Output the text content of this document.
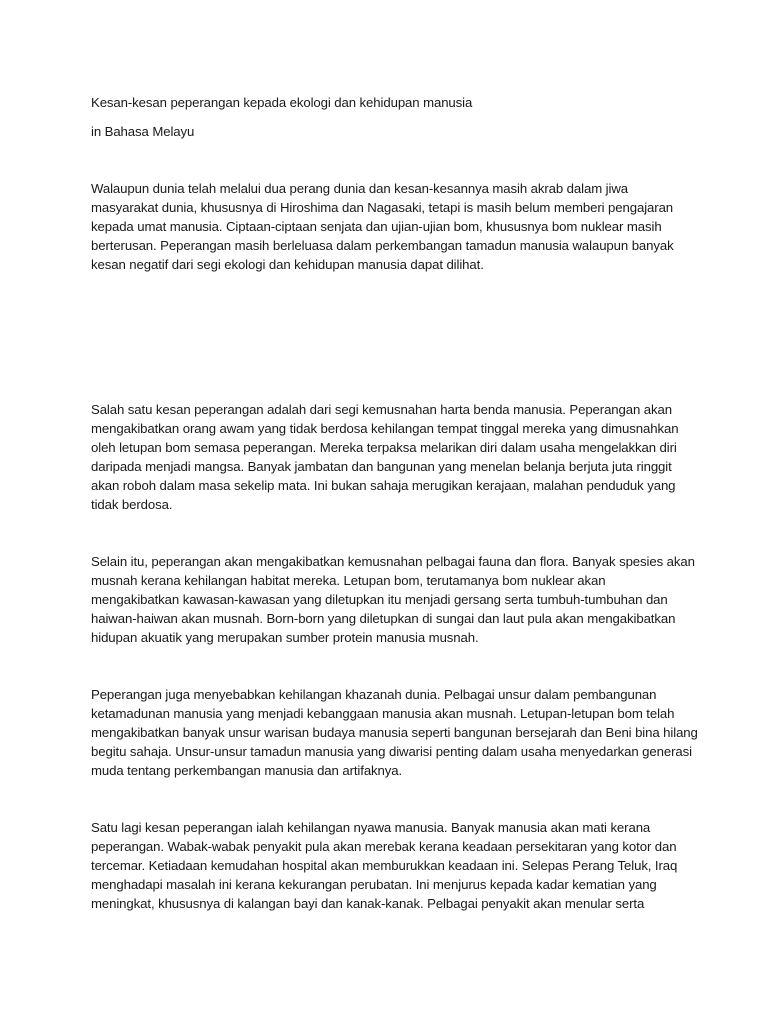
Kesan-kesan peperangan kepada ekologi dan kehidupan manusia
in Bahasa Melayu
Walaupun dunia telah melalui dua perang dunia dan kesan-kesannya masih akrab dalam jiwa
masyarakat dunia, khususnya di Hiroshima dan Nagasaki, tetapi is masih belum memberi pengajaran
kepada umat manusia. Ciptaan-ciptaan senjata dan ujian-ujian bom, khususnya bom nuklear masih
berterusan. Peperangan masih berleluasa dalam perkembangan tamadun manusia walaupun banyak
kesan negatif dari segi ekologi dan kehidupan manusia dapat dilihat.
Salah satu kesan peperangan adalah dari segi kemusnahan harta benda manusia. Peperangan akan
mengakibatkan orang awam yang tidak berdosa kehilangan tempat tinggal mereka yang dimusnahkan
oleh letupan bom semasa peperangan. Mereka terpaksa melarikan diri dalam usaha mengelakkan diri
daripada menjadi mangsa. Banyak jambatan dan bangunan yang menelan belanja berjuta juta ringgit
akan roboh dalam masa sekelip mata. Ini bukan sahaja merugikan kerajaan, malahan penduduk yang
tidak berdosa.
Selain itu, peperangan akan mengakibatkan kemusnahan pelbagai fauna dan flora. Banyak spesies akan
musnah kerana kehilangan habitat mereka. Letupan bom, terutamanya bom nuklear akan
mengakibatkan kawasan-kawasan yang diletupkan itu menjadi gersang serta tumbuh-tumbuhan dan
haiwan-haiwan akan musnah. Born-born yang diletupkan di sungai dan laut pula akan mengakibatkan
hidupan akuatik yang merupakan sumber protein manusia musnah.
Peperangan juga menyebabkan kehilangan khazanah dunia. Pelbagai unsur dalam pembangunan
ketamadunan manusia yang menjadi kebanggaan manusia akan musnah. Letupan-letupan bom telah
mengakibatkan banyak unsur warisan budaya manusia seperti bangunan bersejarah dan Beni bina hilang
begitu sahaja. Unsur-unsur tamadun manusia yang diwarisi penting dalam usaha menyedarkan generasi
muda tentang perkembangan manusia dan artifaknya.
Satu lagi kesan peperangan ialah kehilangan nyawa manusia. Banyak manusia akan mati kerana
peperangan. Wabak-wabak penyakit pula akan merebak kerana keadaan persekitaran yang kotor dan
tercemar. Ketiadaan kemudahan hospital akan memburukkan keadaan ini. Selepas Perang Teluk, Iraq
menghadapi masalah ini kerana kekurangan perubatan. Ini menjurus kepada kadar kematian yang
meningkat, khususnya di kalangan bayi dan kanak-kanak. Pelbagai penyakit akan menular serta
